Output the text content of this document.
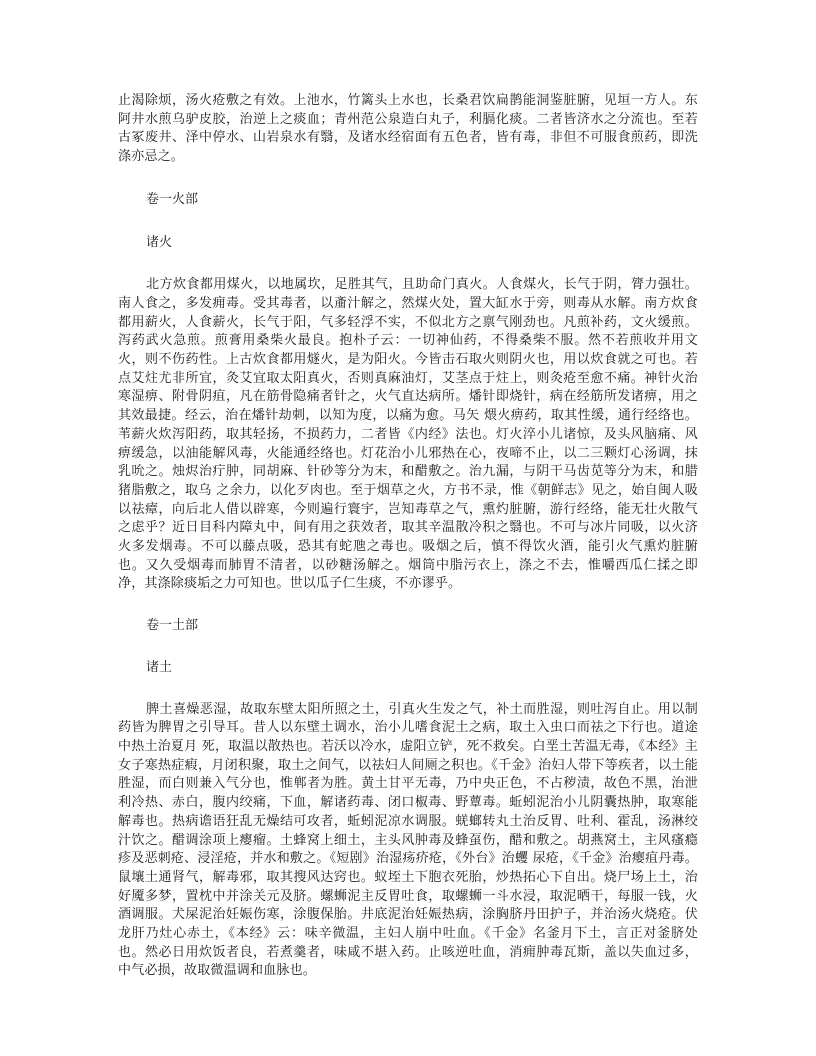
止渴除烦，汤火疮敷之有效。上池水，竹篱头上水也，长桑君饮扁鹊能洞鉴脏腑，见垣一方人。东阿井水煎乌驴皮胶，治逆上之痰血；青州范公泉造白丸子，利膈化痰。二者皆济水之分流也。至若古冢废井、泽中停水、山岩泉水有翳，及诸水经宿面有五色者，皆有毒，非但不可服食煎药，即洗涤亦忌之。

卷一火部

诸火

北方炊食都用煤火，以地属坎，足胜其气，且助命门真火。人食煤火，长气于阴，膂力强壮。南人食之，多发痈毒。受其毒者，以齑汁解之，然煤火处，置大缸水于旁，则毒从水解。南方炊食都用薪火，人食薪火，长气于阳，气多轻浮不实，不似北方之禀气刚劲也。凡煎补药，文火缓煎。泻药武火急煎。煎膏用桑柴火最良。抱朴子云：一切神仙药，不得桑柴不服。然不若煎收并用文火，则不伤药性。上古炊食都用燧火，是为阳火。今皆击石取火则阴火也，用以炊食就之可也。若点艾炷尤非所宜，灸艾宜取太阳真火，否则真麻油灯，艾茎点于炷上，则灸疮至愈不痛。神针火治寒湿痹、附骨阴疽，凡在筋骨隐痛者针之，火气直达病所。燔针即烧针，病在经筋所发诸痹，用之其效最捷。经云，治在燔针劫刺，以知为度，以痛为愈。马矢 煨火痹药，取其性缓，通行经络也。苇薪火炊泻阳药，取其轻扬，不损药力，二者皆《内经》法也。灯火淬小儿诸惊，及头风脑痛、风痹缓急，以油能解风毒，火能通经络也。灯花治小儿邪热在心，夜啼不止，以二三颗灯心汤调，抹乳吮之。烛烬治疔肿，同胡麻、针砂等分为末，和醋敷之。治九漏，与阴干马齿苋等分为末，和腊猪脂敷之，取乌 之余力，以化歹肉也。至于烟草之火，方书不录，惟《朝鲜志》见之，始自闽人吸以祛瘴，向后北人借以辟寒，今则遍行寰宇，岂知毒草之气，熏灼脏腑，游行经络，能无壮火散气之虑乎？近日目科内障丸中，间有用之获效者，取其辛温散冷积之翳也。不可与冰片同吸，以火济火多发烟毒。不可以藤点吸，恐其有蛇虺之毒也。吸烟之后，慎不得饮火酒，能引火气熏灼脏腑也。又久受烟毒而肺胃不清者，以砂糖汤解之。烟筒中脂污衣上，涤之不去，惟嚼西瓜仁揉之即净，其涤除痰垢之力可知也。世以瓜子仁生痰，不亦谬乎。

卷一土部

诸土

脾土喜燥恶湿，故取东壁太阳所照之土，引真火生发之气，补土而胜湿，则吐泻自止。用以制药皆为脾胃之引导耳。昔人以东壁土调水，治小儿嗜食泥土之病，取土入虫口而祛之下行也。道途中热土治夏月 死，取温以散热也。若沃以冷水，虚阳立铲，死不救矣。白垩土苦温无毒，《本经》主女子寒热症瘕，月闭积聚，取土之间气，以祛妇人间厕之积也。《千金》治妇人带下等疾者，以土能胜湿，而白则兼入气分也，惟￼郸者为胜。黄土甘平无毒，乃中央正色，不占秽渍，故色不黑，治泄利冷热、赤白，腹内绞痛，下血，解诸药毒、闭口椒毒、野蕈毒。蚯蚓泥治小儿阴囊热肿，取寒能解毒也。热病谵语狂乱无燥结可攻者，蚯蚓泥凉水调服。蜣螂转丸土治反胃、吐利、霍乱，汤淋绞汁饮之。醋调涂项上瘿瘤。土蜂窝上细土，主头风肿毒及蜂虿伤，醋和敷之。胡燕窝土，主风瘙瘾疹及恶刺疮、浸淫疮，并水和敷之。《短剧》治湿疡疥疮，《外台》治蠼 尿疮，《千金》治瘿疽丹毒。鼠壤土通肾气，解毒邪，取其搜风达窍也。蚁垤土下胞衣死胎，炒热拓心下自出。烧尸场上土，治好魇多梦，置枕中并涂关元及脐。螺蛳泥主反胃吐食，取螺蛳一斗水浸，取泥晒干，每服一钱，火酒调服。犬屎泥治妊娠伤寒，涂腹保胎。井底泥治妊娠热病，涂胸脐丹田护子，并治汤火烧疮。伏龙肝乃灶心赤土，《本经》云：味辛微温，主妇人崩中吐血。《千金》名釜月下土，言正对釜脐处也。然必日用炊饭者良，若煮羹者，味咸不堪入药。止咳逆吐血，消痈肿毒瓦斯，盖以失血过多，中气必损，故取微温调和血脉也。
